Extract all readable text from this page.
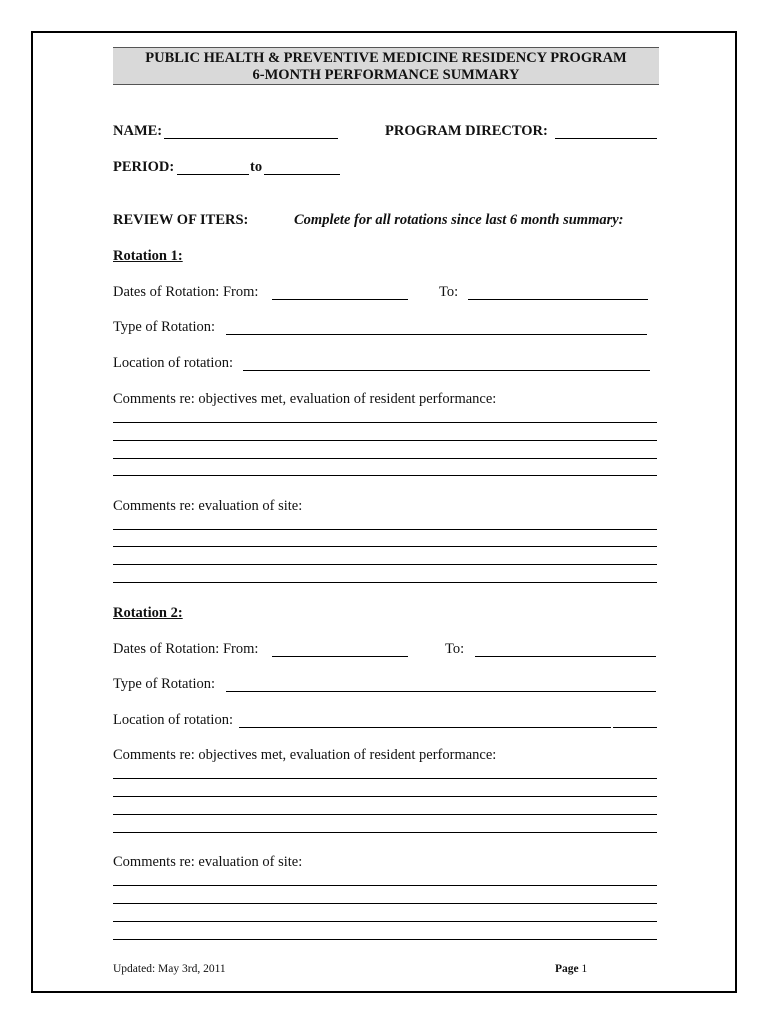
PUBLIC HEALTH & PREVENTIVE MEDICINE RESIDENCY PROGRAM
6-MONTH PERFORMANCE SUMMARY
NAME:	PROGRAM DIRECTOR:
PERIOD:	to
REVIEW OF ITERS:	Complete for all rotations since last 6 month summary:
Rotation 1:
Dates of Rotation: From:	To:
Type of Rotation:
Location of rotation:
Comments re: objectives met, evaluation of resident performance:
Comments re: evaluation of site:
Rotation 2:
Dates of Rotation: From:	To:
Type of Rotation:
Location of rotation:
Comments re: objectives met, evaluation of resident performance:
Comments re: evaluation of site:
Updated: May 3rd, 2011	Page 1
